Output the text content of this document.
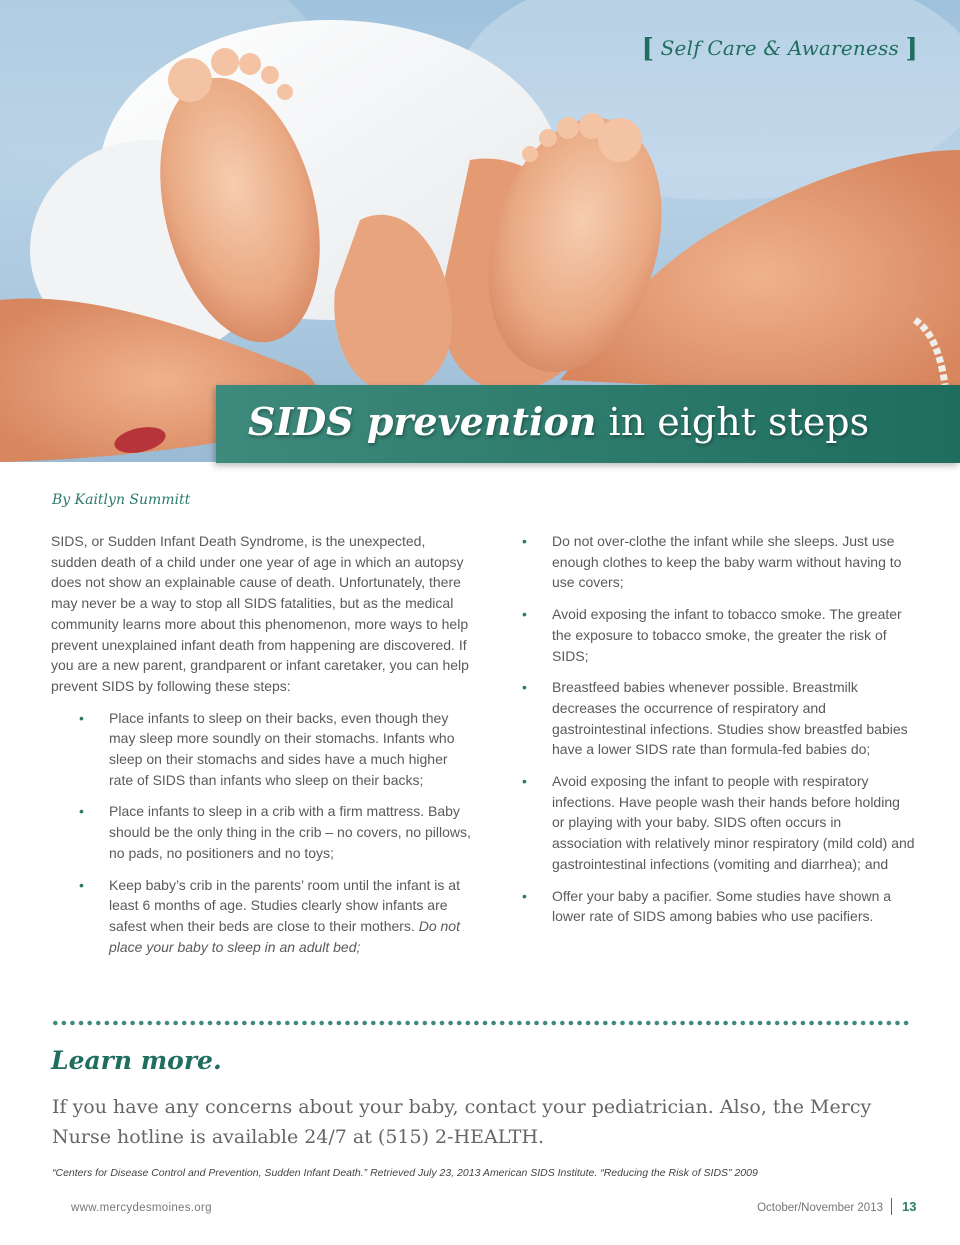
[ Self Care & Awareness ]
SIDS prevention in eight steps
By Kaitlyn Summitt

SIDS, or Sudden Infant Death Syndrome, is the unexpected, sudden death of a child under one year of age in which an autopsy does not show an explainable cause of death. Unfortunately, there may never be a way to stop all SIDS fatalities, but as the medical community learns more about this phenomenon, more ways to help prevent unexplained infant death from happening are discovered. If you are a new parent, grandparent or infant caretaker, you can help prevent SIDS by following these steps:

• Place infants to sleep on their backs, even though they may sleep more soundly on their stomachs. Infants who sleep on their stomachs and sides have a much higher rate of SIDS than infants who sleep on their backs;
• Place infants to sleep in a crib with a firm mattress. Baby should be the only thing in the crib – no covers, no pillows, no pads, no positioners and no toys;
• Keep baby’s crib in the parents’ room until the infant is at least 6 months of age. Studies clearly show infants are safest when their beds are close to their mothers. Do not place your baby to sleep in an adult bed;
• Do not over-clothe the infant while she sleeps. Just use enough clothes to keep the baby warm without having to use covers;
• Avoid exposing the infant to tobacco smoke. The greater the exposure to tobacco smoke, the greater the risk of SIDS;
• Breastfeed babies whenever possible. Breastmilk decreases the occurrence of respiratory and gastrointestinal infections. Studies show breastfed babies have a lower SIDS rate than formula-fed babies do;
• Avoid exposing the infant to people with respiratory infections. Have people wash their hands before holding or playing with your baby. SIDS often occurs in association with relatively minor respiratory (mild cold) and gastrointestinal infections (vomiting and diarrhea); and
• Offer your baby a pacifier. Some studies have shown a lower rate of SIDS among babies who use pacifiers.
Learn more.

If you have any concerns about your baby, contact your pediatrician. Also, the Mercy Nurse hotline is available 24/7 at (515) 2-HEALTH.

“Centers for Disease Control and Prevention, Sudden Infant Death.” Retrieved July 23, 2013 American SIDS Institute. “Reducing the Risk of SIDS” 2009

www.mercydesmoines.org	October/November 2013 13
